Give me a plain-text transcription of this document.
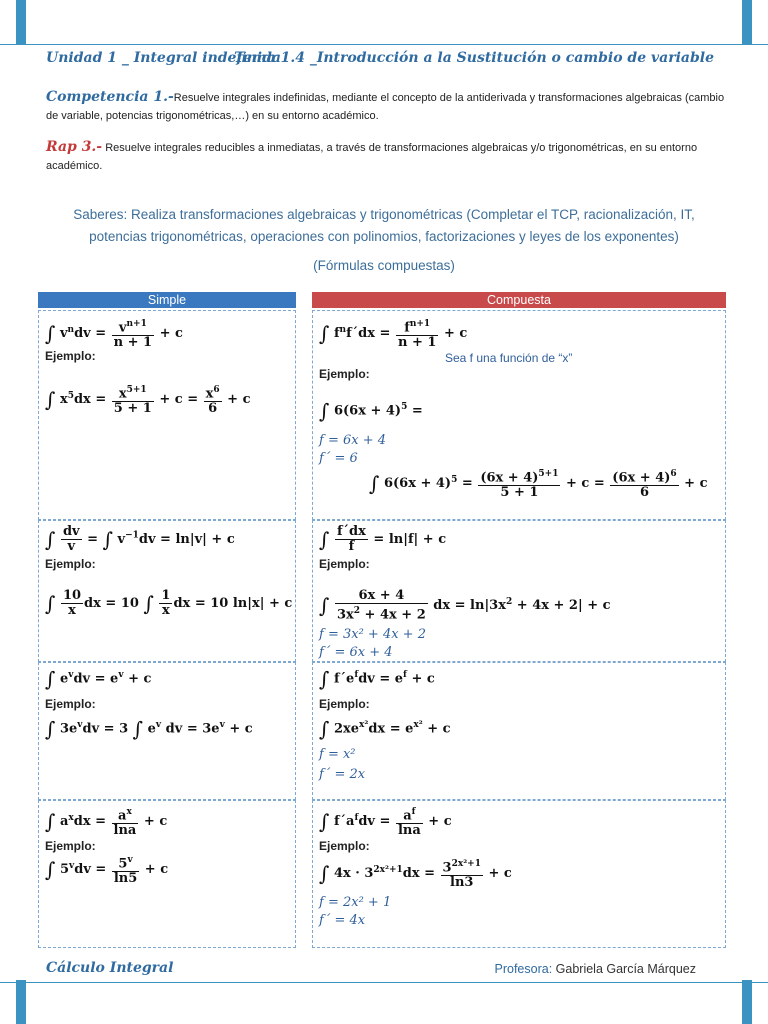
Unidad 1 _ Integral indefinida
Tema 1.4 _Introducción a la Sustitución o cambio de variable
Competencia 1.-Resuelve integrales indefinidas, mediante el concepto de la antiderivada y transformaciones algebraicas (cambio de variable, potencias trigonométricas,…) en su entorno académico.
Rap 3.- Resuelve integrales reducibles a inmediatas, a través de transformaciones algebraicas y/o trigonométricas, en su entorno académico.
Saberes: Realiza transformaciones algebraicas y trigonométricas (Completar el TCP, racionalización, IT, potencias trigonométricas, operaciones con polinomios, factorizaciones y leyes de los exponentes)
(Fórmulas compuestas)
Simple	Compuesta
∫ $v^ndv = \frac{v^{n+1}}{n + 1} + c$
Ejemplo:
∫ $x^5dx = \frac{x^{5+1}}{5 + 1} + c = \frac{x^6}{6} + c$
∫ $f^nf´dx = \frac{f^{n+1}}{n + 1} + c$
Sea f una función de “x”
Ejemplo:
∫ $6(6x + 4)^5$ =
f = 6x + 4
f´ = 6
∫ $6(6x + 4)^5 = \frac{(6x + 4)^{5+1}}{5 + 1} + c = \frac{(6x + 4)^6}{6} + c$
∫ $\frac{dv}{v}$ = ∫ $v^{-1}dv = \ln|v| + c$
Ejemplo:
∫ $\frac{10}{x}$ dx = 10 ∫ $\frac{1}{x}$ dx = 10 ln|x| + c
∫ $\frac{f´dx}{f} = \ln|f| + c$
Ejemplo:
∫ $\frac{6x + 4}{3x^2 + 4x + 2}$ dx = $\ln|3x^2 + 4x + 2| + c$
f = 3x² + 4x + 2
f´ = 6x + 4
∫ $e^vdv = e^v + c$
Ejemplo:
∫ $3e^vdv = 3$ ∫ $e^v$ dv = $3e^v + c$
∫ $f´e^fdv = e^f + c$
Ejemplo:
∫ $2xe^{x^2}dx = e^{x^2} + c$
f = x²
f´ = 2x
∫ $a^xdx = \frac{a^x}{\ln a} + c$
Ejemplo:
∫ $5^vdv = \frac{5^v}{\ln 5} + c$
∫ $f´a^fdv = \frac{a^f}{\ln a} + c$
Ejemplo:
∫ $4x \cdot 3^{2x^2+1}dx = \frac{3^{2x^2+1}}{\ln 3} + c$
f = 2x² + 1
f´ = 4x
Cálculo Integral	Profesora: Gabriela García Márquez
